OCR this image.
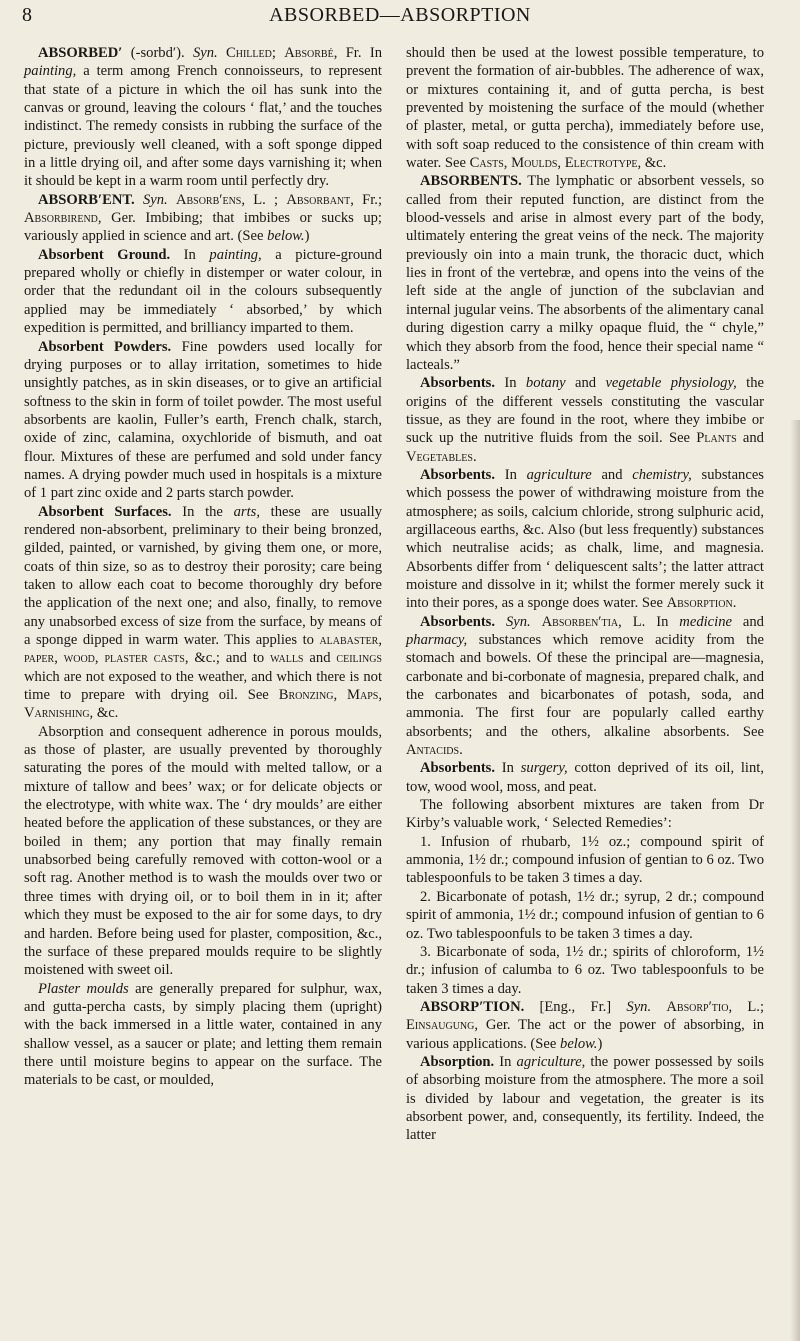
8	ABSORBED—ABSORPTION

ABSORBED′ (-sorbd′). Syn. Chilled; Absorbé, Fr. In painting, a term among French connoisseurs, to represent that state of a picture in which the oil has sunk into the canvas or ground, leaving the colours ‘ flat,’ and the touches indistinct. The remedy consists in rubbing the surface of the picture, previously well cleaned, with a soft sponge dipped in a little drying oil, and after some days varnishing it; when it should be kept in a warm room until perfectly dry.

ABSORB′ENT. Syn. Absorb′ens, L. ; Absorbant, Fr.; Absorbirend, Ger. Imbibing; that imbibes or sucks up; variously applied in science and art. (See below.)

Absorbent Ground. In painting, a picture-ground prepared wholly or chiefly in distemper or water colour, in order that the redundant oil in the colours subsequently applied may be immediately ‘ absorbed,’ by which expedition is permitted, and brilliancy imparted to them.

Absorbent Powders. Fine powders used locally for drying purposes or to allay irritation, sometimes to hide unsightly patches, as in skin diseases, or to give an artificial softness to the skin in form of toilet powder. The most useful absorbents are kaolin, Fuller’s earth, French chalk, starch, oxide of zinc, calamina, oxychloride of bismuth, and oat flour. Mixtures of these are perfumed and sold under fancy names. A drying powder much used in hospitals is a mixture of 1 part zinc oxide and 2 parts starch powder.

Absorbent Surfaces. In the arts, these are usually rendered non-absorbent, preliminary to their being bronzed, gilded, painted, or varnished, by giving them one, or more, coats of thin size, so as to destroy their porosity; care being taken to allow each coat to become thoroughly dry before the application of the next one; and also, finally, to remove any unabsorbed excess of size from the surface, by means of a sponge dipped in warm water. This applies to alabaster, paper, wood, plaster casts, &c.; and to walls and ceilings which are not exposed to the weather, and which there is not time to prepare with drying oil. See Bronzing, Maps, Varnishing, &c.

Absorption and consequent adherence in porous moulds, as those of plaster, are usually prevented by thoroughly saturating the pores of the mould with melted tallow, or a mixture of tallow and bees’ wax; or for delicate objects or the electrotype, with white wax. The ‘ dry moulds’ are either heated before the application of these substances, or they are boiled in them; any portion that may finally remain unabsorbed being carefully removed with cotton-wool or a soft rag. Another method is to wash the moulds over two or three times with drying oil, or to boil them in in it; after which they must be exposed to the air for some days, to dry and harden. Before being used for plaster, composition, &c., the surface of these prepared moulds require to be slightly moistened with sweet oil.

Plaster moulds are generally prepared for sulphur, wax, and gutta-percha casts, by simply placing them (upright) with the back immersed in a little water, contained in any shallow vessel, as a saucer or plate; and letting them remain there until moisture begins to appear on the surface. The materials to be cast, or moulded,

should then be used at the lowest possible temperature, to prevent the formation of air-bubbles. The adherence of wax, or mixtures containing it, and of gutta percha, is best prevented by moistening the surface of the mould (whether of plaster, metal, or gutta percha), immediately before use, with soft soap reduced to the consistence of thin cream with water. See Casts, Moulds, Electrotype, &c.

ABSORBENTS. The lymphatic or absorbent vessels, so called from their reputed function, are distinct from the blood-vessels and arise in almost every part of the body, ultimately entering the great veins of the neck. The majority previously oin into a main trunk, the thoracic duct, which lies in front of the vertebræ, and opens into the veins of the left side at the angle of junction of the subclavian and internal jugular veins. The absorbents of the alimentary canal during digestion carry a milky opaque fluid, the “ chyle,” which they absorb from the food, hence their special name “ lacteals.”

Absorbents. In botany and vegetable physiology, the origins of the different vessels constituting the vascular tissue, as they are found in the root, where they imbibe or suck up the nutritive fluids from the soil. See Plants and Vegetables.

Absorbents. In agriculture and chemistry, substances which possess the power of withdrawing moisture from the atmosphere; as soils, calcium chloride, strong sulphuric acid, argillaceous earths, &c. Also (but less frequently) substances which neutralise acids; as chalk, lime, and magnesia. Absorbents differ from ‘ deliquescent salts’; the latter attract moisture and dissolve in it; whilst the former merely suck it into their pores, as a sponge does water. See Absorption.

Absorbents. Syn. Absorben′tia, L. In medicine and pharmacy, substances which remove acidity from the stomach and bowels. Of these the principal are—magnesia, carbonate and bi-corbonate of magnesia, prepared chalk, and the carbonates and bicarbonates of potash, soda, and ammonia. The first four are popularly called earthy absorbents; and the others, alkaline absorbents. See Antacids.

Absorbents. In surgery, cotton deprived of its oil, lint, tow, wood wool, moss, and peat.

The following absorbent mixtures are taken from Dr Kirby’s valuable work, ‘ Selected Remedies’:

1. Infusion of rhubarb, 1½ oz.; compound spirit of ammonia, 1½ dr.; compound infusion of gentian to 6 oz. Two tablespoonfuls to be taken 3 times a day.

2. Bicarbonate of potash, 1½ dr.; syrup, 2 dr.; compound spirit of ammonia, 1½ dr.; compound infusion of gentian to 6 oz. Two tablespoonfuls to be taken 3 times a day.

3. Bicarbonate of soda, 1½ dr.; spirits of chloroform, 1½ dr.; infusion of calumba to 6 oz. Two tablespoonfuls to be taken 3 times a day.

ABSORP′TION. [Eng., Fr.] Syn. Absorp′tio, L.; Einsaugung, Ger. The act or the power of absorbing, in various applications. (See below.)

Absorption. In agriculture, the power possessed by soils of absorbing moisture from the atmosphere. The more a soil is divided by labour and vegetation, the greater is its absorbent power, and, consequently, its fertility. Indeed, the latter
